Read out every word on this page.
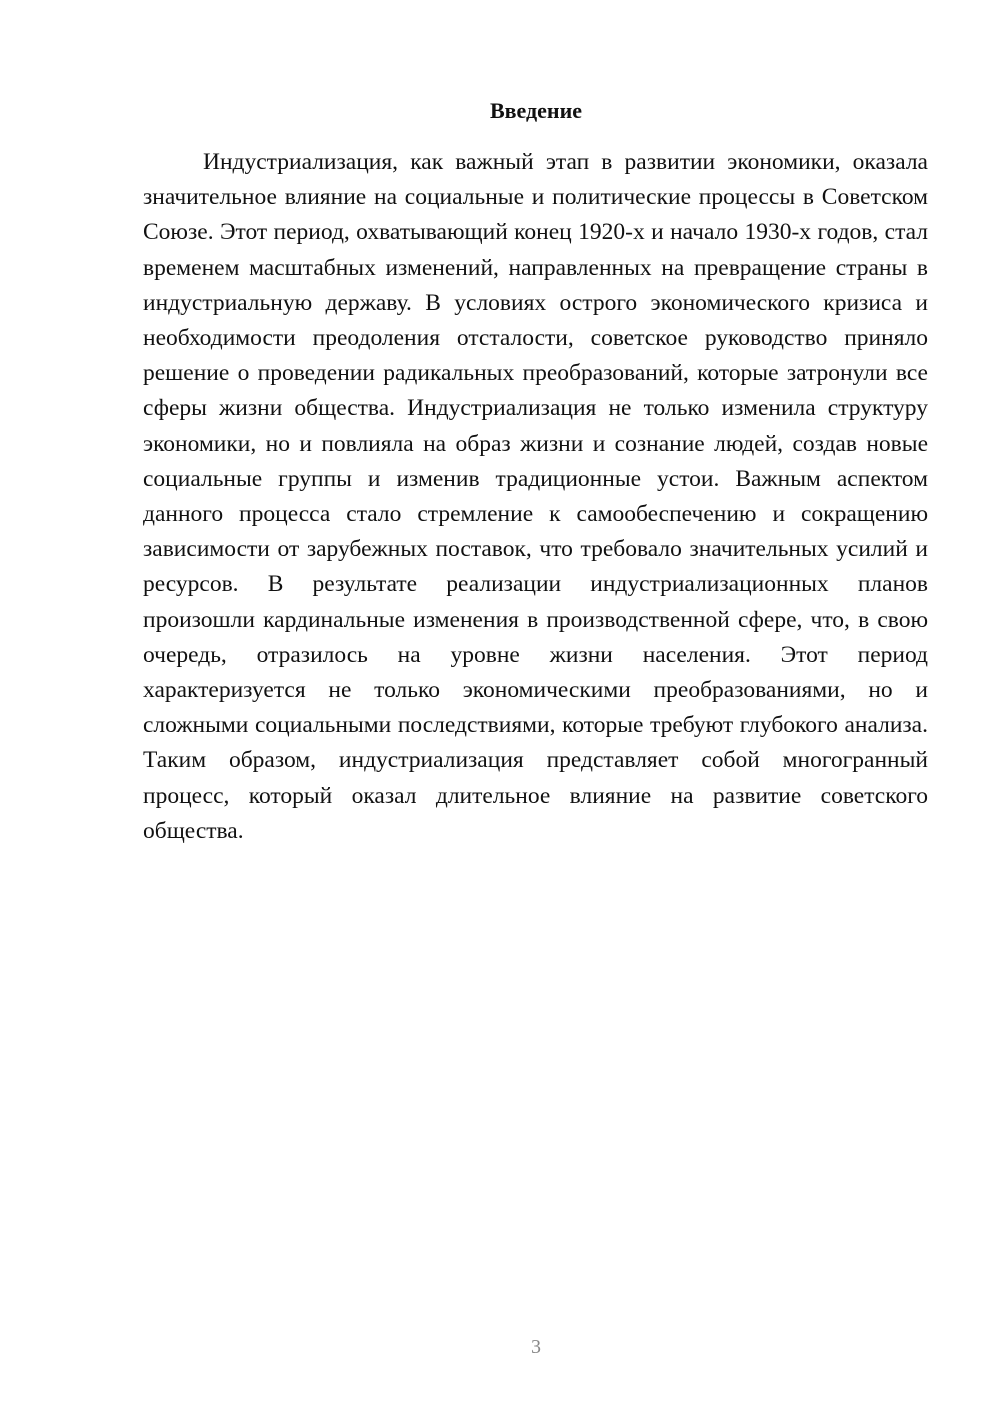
Введение

Индустриализация, как важный этап в развитии экономики, оказала значительное влияние на социальные и политические процессы в Советском Союзе. Этот период, охватывающий конец 1920-х и начало 1930-х годов, стал временем масштабных изменений, направленных на превращение страны в индустриальную державу. В условиях острого экономического кризиса и необходимости преодоления отсталости, советское руководство приняло решение о проведении радикальных преобразований, которые затронули все сферы жизни общества. Индустриализация не только изменила структуру экономики, но и повлияла на образ жизни и сознание людей, создав новые социальные группы и изменив традиционные устои. Важным аспектом данного процесса стало стремление к самообеспечению и сокращению зависимости от зарубежных поставок, что требовало значительных усилий и ресурсов. В результате реализации индустриализационных планов произошли кардинальные изменения в производственной сфере, что, в свою очередь, отразилось на уровне жизни населения. Этот период характеризуется не только экономическими преобразованиями, но и сложными социальными последствиями, которые требуют глубокого анализа. Таким образом, индустриализация представляет собой многогранный процесс, который оказал длительное влияние на развитие советского общества.

3
